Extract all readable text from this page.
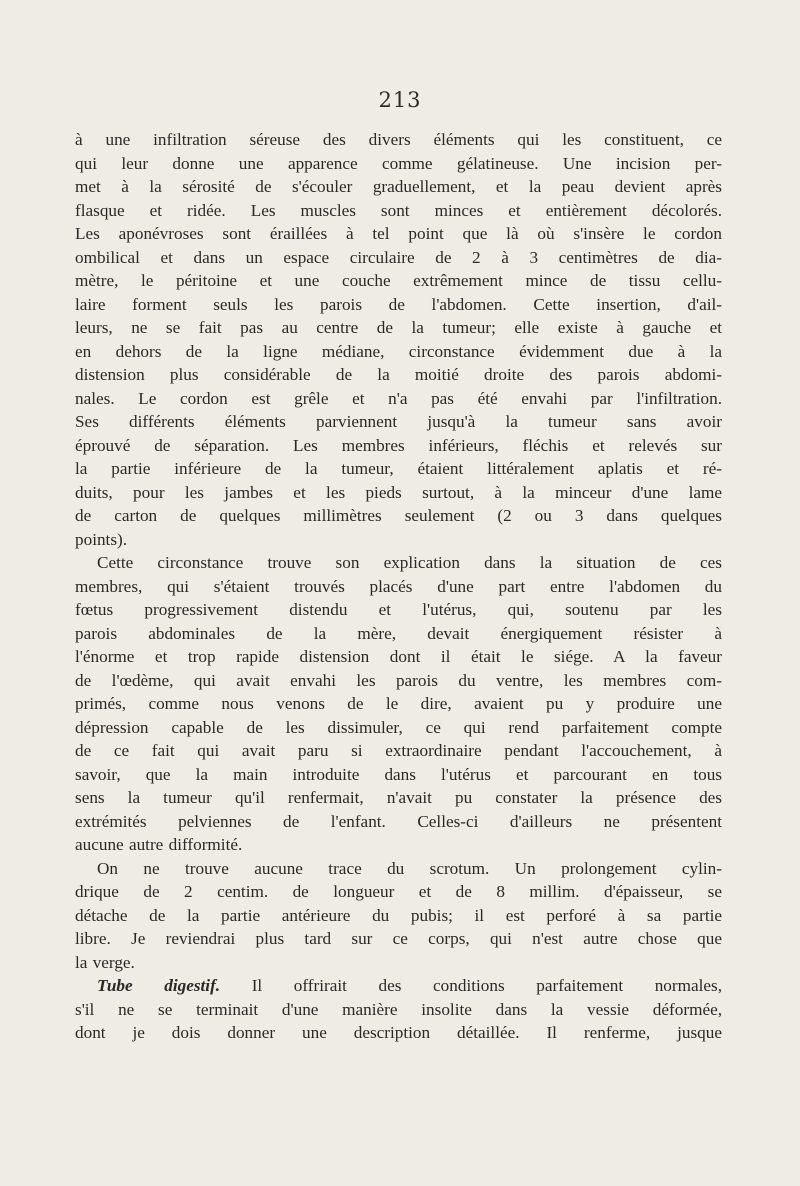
213
à une infiltration séreuse des divers éléments qui les constituent, ce
qui leur donne une apparence comme gélatineuse. Une incision per-
met à la sérosité de s'écouler graduellement, et la peau devient après
flasque et ridée. Les muscles sont minces et entièrement décolorés.
Les aponévroses sont éraillées à tel point que là où s'insère le cordon
ombilical et dans un espace circulaire de 2 à 3 centimètres de dia-
mètre, le péritoine et une couche extrêmement mince de tissu cellu-
laire forment seuls les parois de l'abdomen. Cette insertion, d'ail-
leurs, ne se fait pas au centre de la tumeur; elle existe à gauche et
en dehors de la ligne médiane, circonstance évidemment due à la
distension plus considérable de la moitié droite des parois abdomi-
nales. Le cordon est grêle et n'a pas été envahi par l'infiltration.
Ses différents éléments parviennent jusqu'à la tumeur sans avoir
éprouvé de séparation. Les membres inférieurs, fléchis et relevés sur
la partie inférieure de la tumeur, étaient littéralement aplatis et ré-
duits, pour les jambes et les pieds surtout, à la minceur d'une lame
de carton de quelques millimètres seulement (2 ou 3 dans quelques
points).
Cette circonstance trouve son explication dans la situation de ces
membres, qui s'étaient trouvés placés d'une part entre l'abdomen du
fœtus progressivement distendu et l'utérus, qui, soutenu par les
parois abdominales de la mère, devait énergiquement résister à
l'énorme et trop rapide distension dont il était le siége. A la faveur
de l'œdème, qui avait envahi les parois du ventre, les membres com-
primés, comme nous venons de le dire, avaient pu y produire une
dépression capable de les dissimuler, ce qui rend parfaitement compte
de ce fait qui avait paru si extraordinaire pendant l'accouchement, à
savoir, que la main introduite dans l'utérus et parcourant en tous
sens la tumeur qu'il renfermait, n'avait pu constater la présence des
extrémités pelviennes de l'enfant. Celles-ci d'ailleurs ne présentent
aucune autre difformité.
On ne trouve aucune trace du scrotum. Un prolongement cylin-
drique de 2 centim. de longueur et de 8 millim. d'épaisseur, se
détache de la partie antérieure du pubis; il est perforé à sa partie
libre. Je reviendrai plus tard sur ce corps, qui n'est autre chose que
la verge.
Tube digestif. Il offrirait des conditions parfaitement normales,
s'il ne se terminait d'une manière insolite dans la vessie déformée,
dont je dois donner une description détaillée. Il renferme, jusque
